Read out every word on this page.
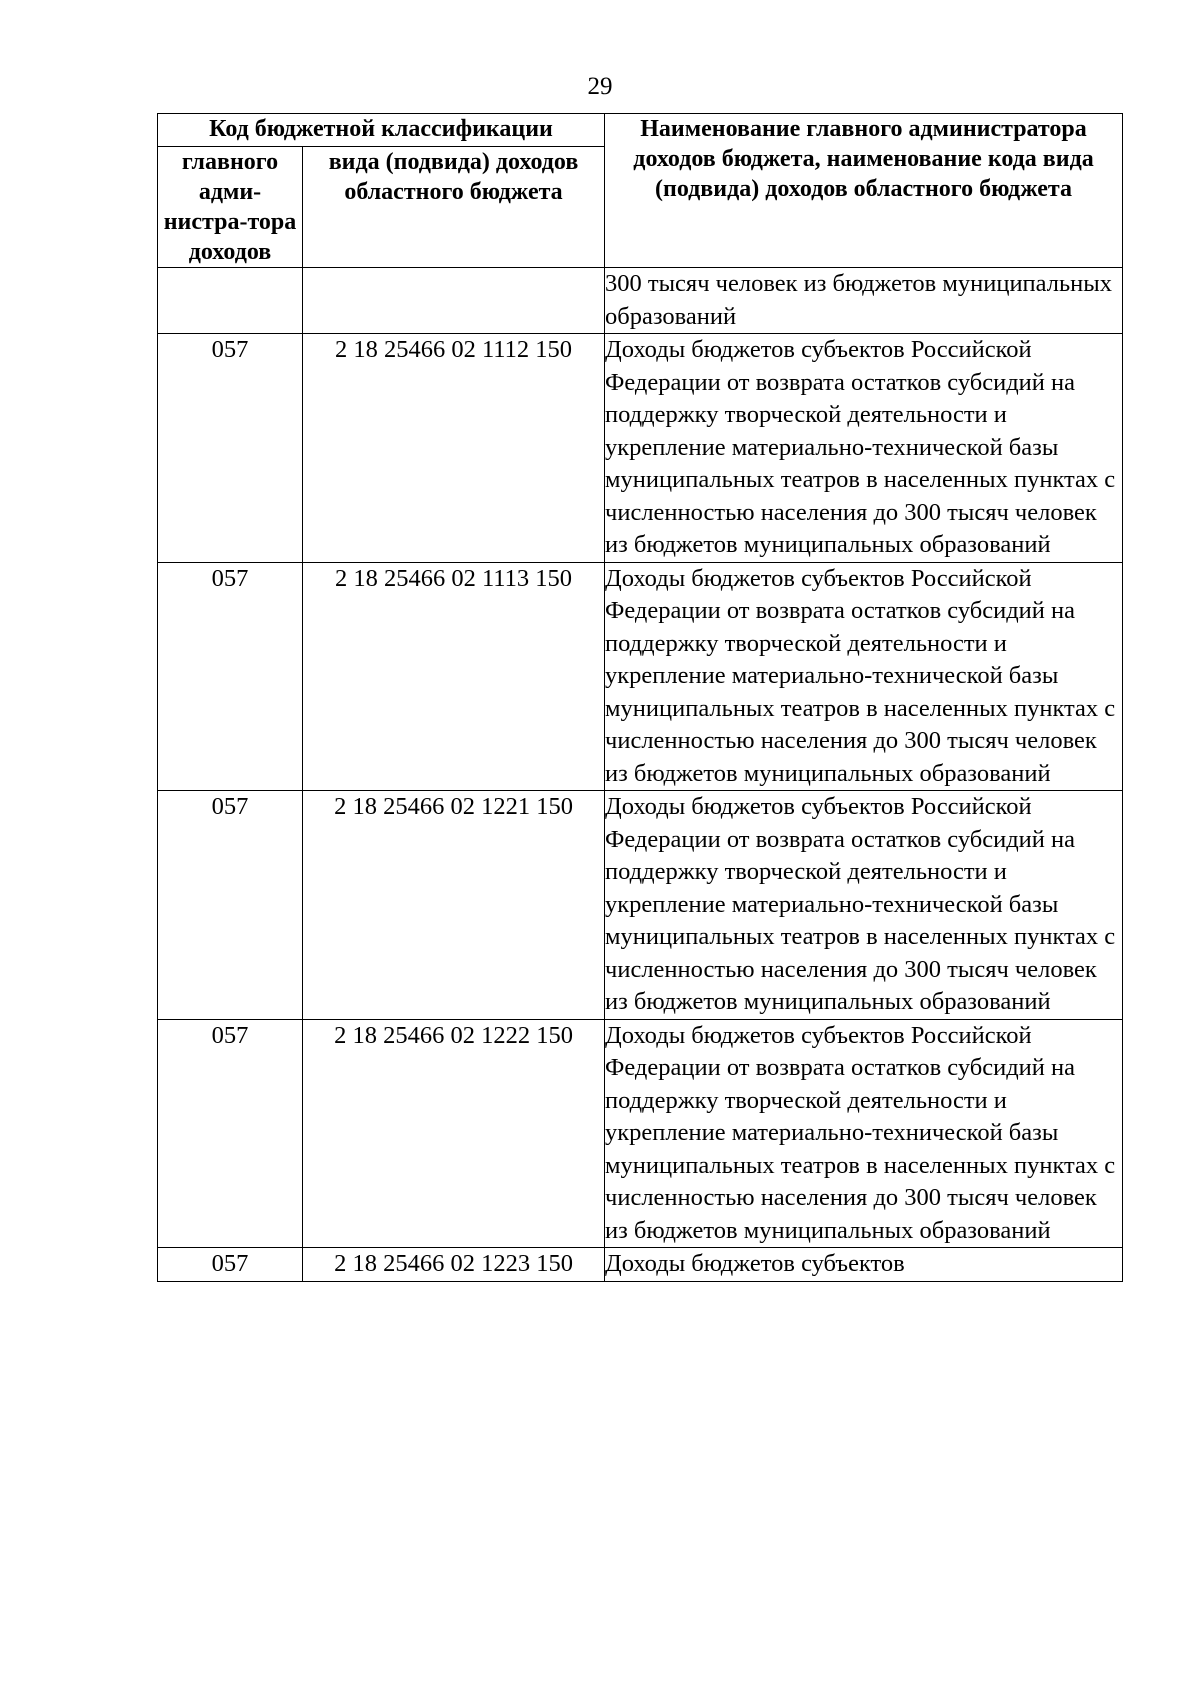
29
Код бюджетной классификации		Наименование главного администратора доходов бюджета, наименование кода вида (подвида) доходов областного бюджета
главного адми-нистра-тора доходов	вида (подвида) доходов областного бюджета	
		300 тысяч человек из бюджетов муниципальных образований
057	2 18 25466 02 1112 150	Доходы бюджетов субъектов Российской Федерации от возврата остатков субсидий на поддержку творческой деятельности и укрепление материально-технической базы муниципальных театров в населенных пунктах с численностью населения до 300 тысяч человек из бюджетов муниципальных образований
057	2 18 25466 02 1113 150	Доходы бюджетов субъектов Российской Федерации от возврата остатков субсидий на поддержку творческой деятельности и укрепление материально-технической базы муниципальных театров в населенных пунктах с численностью населения до 300 тысяч человек из бюджетов муниципальных образований
057	2 18 25466 02 1221 150	Доходы бюджетов субъектов Российской Федерации от возврата остатков субсидий на поддержку творческой деятельности и укрепление материально-технической базы муниципальных театров в населенных пунктах с численностью населения до 300 тысяч человек из бюджетов муниципальных образований
057	2 18 25466 02 1222 150	Доходы бюджетов субъектов Российской Федерации от возврата остатков субсидий на поддержку творческой деятельности и укрепление материально-технической базы муниципальных театров в населенных пунктах с численностью населения до 300 тысяч человек из бюджетов муниципальных образований
057	2 18 25466 02 1223 150	Доходы бюджетов субъектов
